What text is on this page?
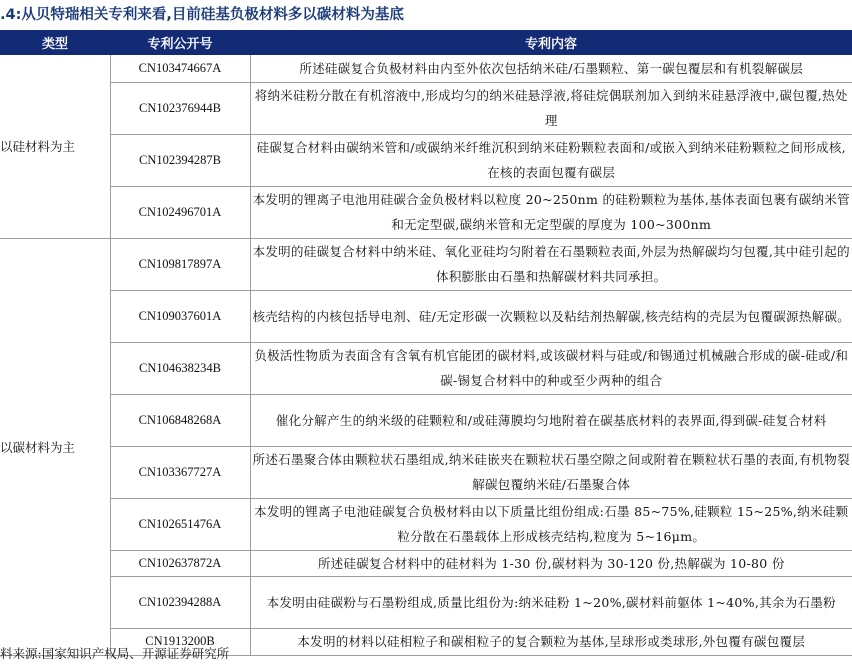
.4:从贝特瑞相关专利来看,目前硅基负极材料多以碳材料为基底
类型	专利公开号	专利内容
以硅材料为主	CN103474667A	所述硅碳复合负极材料由内至外依次包括纳米硅/石墨颗粒、第一碳包覆层和有机裂解碳层
	CN102376944B	将纳米硅粉分散在有机溶液中,形成均匀的纳米硅悬浮液,将硅烷偶联剂加入到纳米硅悬浮液中,碳包覆,热处理
	CN102394287B	硅碳复合材料由碳纳米管和/或碳纳米纤维沉积到纳米硅粉颗粒表面和/或嵌入到纳米硅粉颗粒之间形成核,在核的表面包覆有碳层
	CN102496701A	本发明的锂离子电池用硅碳合金负极材料以粒度 20~250nm 的硅粉颗粒为基体,基体表面包裹有碳纳米管和无定型碳,碳纳米管和无定型碳的厚度为 100~300nm
以碳材料为主	CN109817897A	本发明的硅碳复合材料中纳米硅、氧化亚硅均匀附着在石墨颗粒表面,外层为热解碳均匀包覆,其中硅引起的体积膨胀由石墨和热解碳材料共同承担。
	CN109037601A	核壳结构的内核包括导电剂、硅/无定形碳一次颗粒以及粘结剂热解碳,核壳结构的壳层为包覆碳源热解碳。
	CN104638234B	负极活性物质为表面含有含氧有机官能团的碳材料,或该碳材料与硅或/和锡通过机械融合形成的碳-硅或/和碳-锡复合材料中的种或至少两种的组合
	CN106848268A	催化分解产生的纳米级的硅颗粒和/或硅薄膜均匀地附着在碳基底材料的表界面,得到碳-硅复合材料
	CN103367727A	所述石墨聚合体由颗粒状石墨组成,纳米硅嵌夹在颗粒状石墨空隙之间或附着在颗粒状石墨的表面,有机物裂解碳包覆纳米硅/石墨聚合体
	CN102651476A	本发明的锂离子电池硅碳复合负极材料由以下质量比组份组成:石墨 85~75%,硅颗粒 15~25%,纳米硅颗粒分散在石墨载体上形成核壳结构,粒度为 5~16μm。
	CN102637872A	所述硅碳复合材料中的硅材料为 1-30 份,碳材料为 30-120 份,热解碳为 10-80 份
	CN102394288A	本发明由硅碳粉与石墨粉组成,质量比组份为:纳米硅粉 1~20%,碳材料前躯体 1~40%,其余为石墨粉
	CN1913200B	本发明的材料以硅相粒子和碳相粒子的复合颗粒为基体,呈球形或类球形,外包覆有碳包覆层
料来源:国家知识产权局、开源证券研究所
